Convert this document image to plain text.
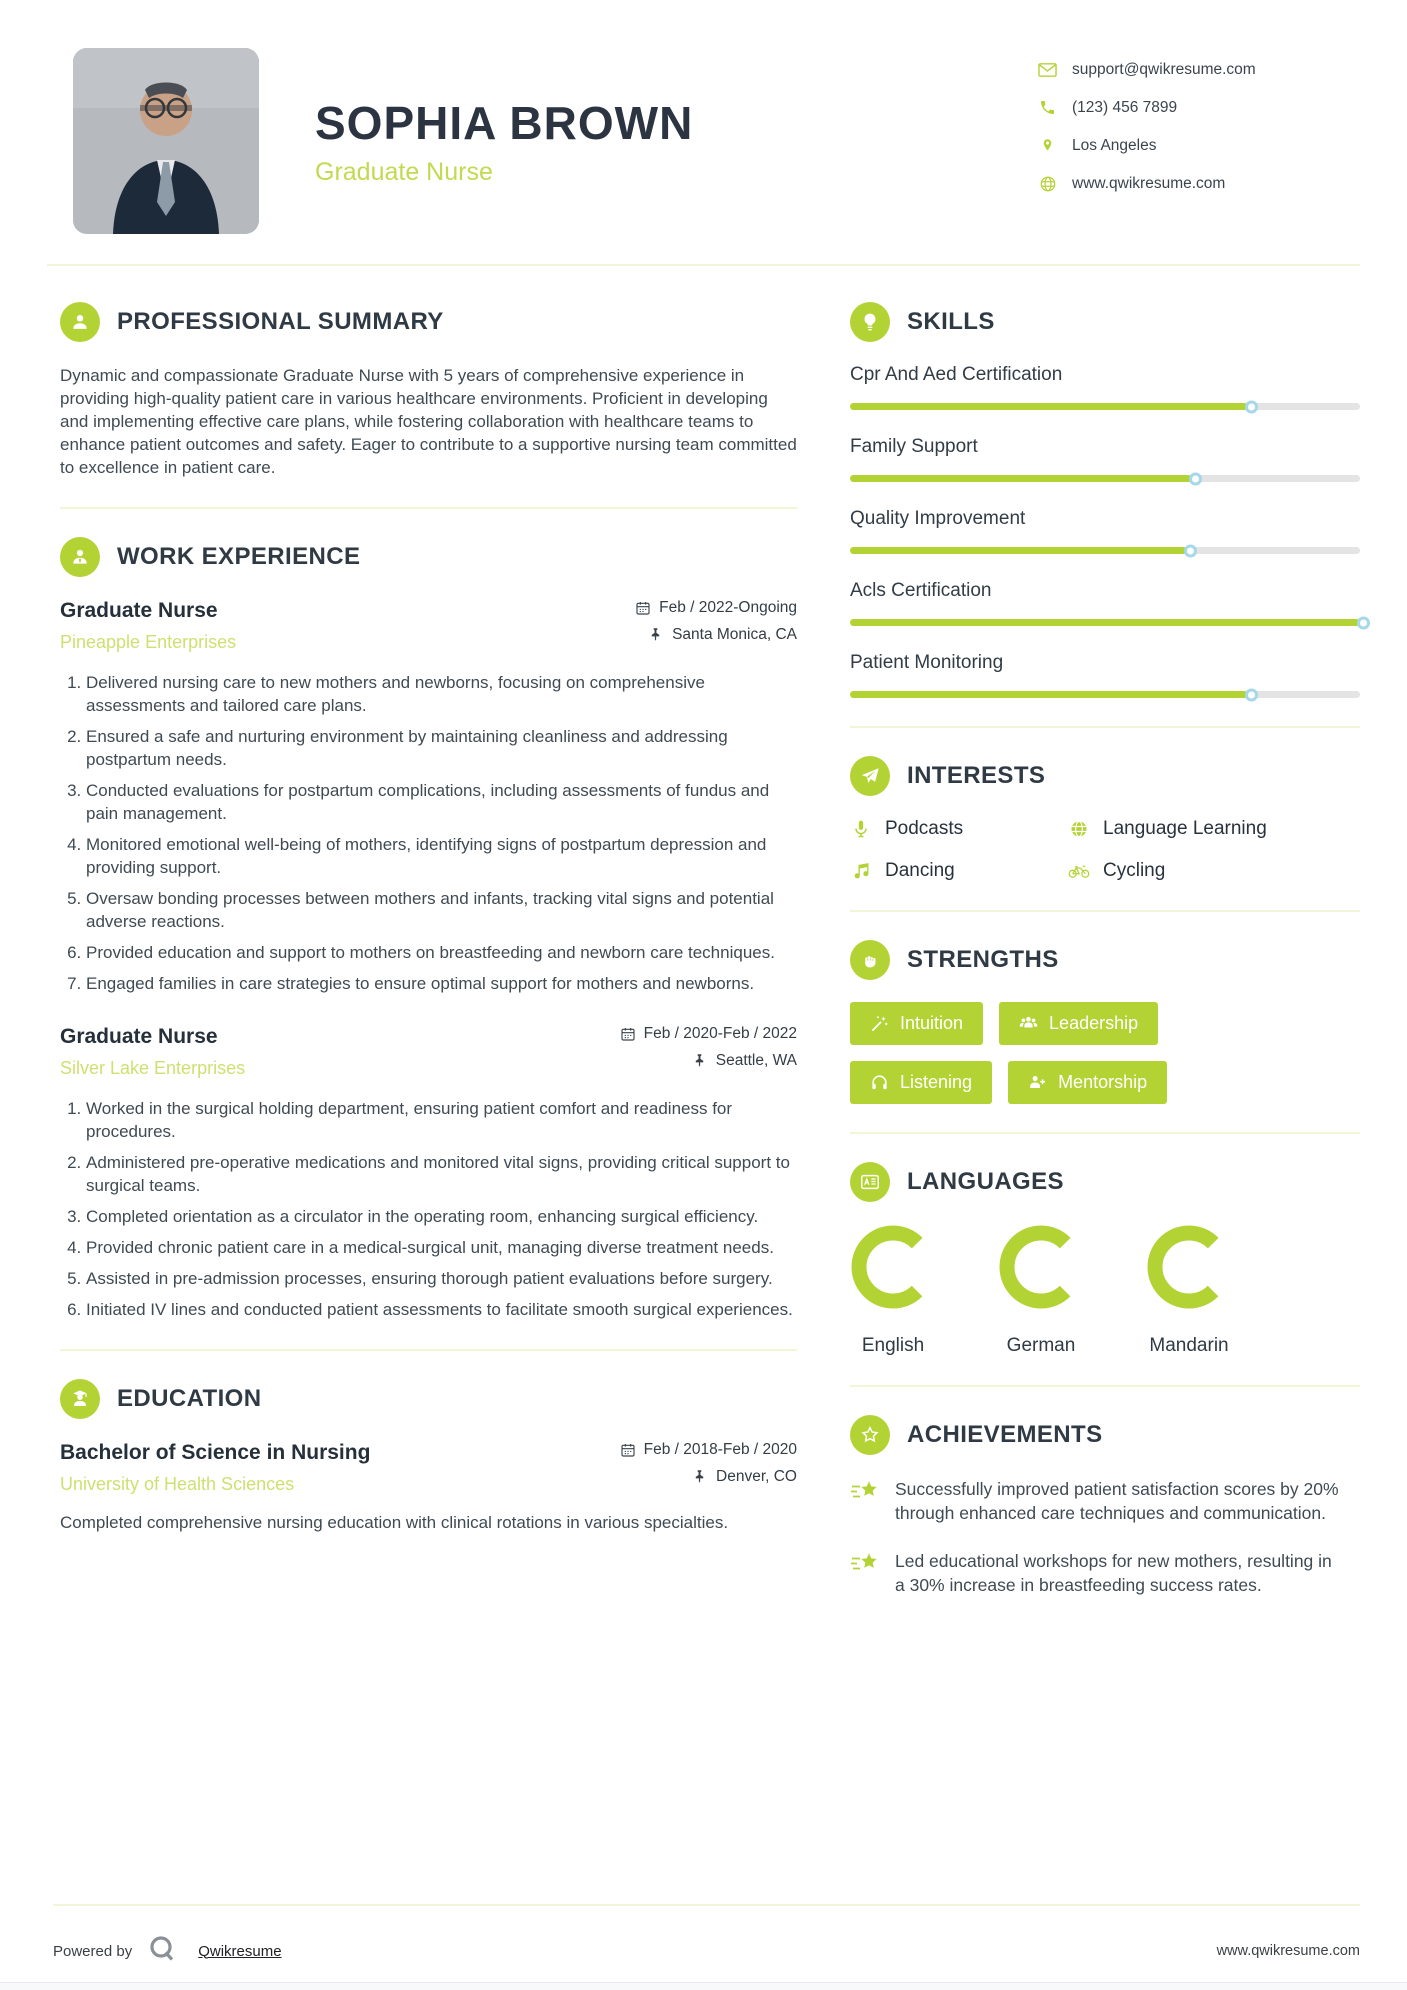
SOPHIA BROWN
Graduate Nurse
support@qwikresume.com
(123) 456 7899
Los Angeles
www.qwikresume.com
PROFESSIONAL SUMMARY

Dynamic and compassionate Graduate Nurse with 5 years of comprehensive experience in providing high-quality patient care in various healthcare environments. Proficient in developing and implementing effective care plans, while fostering collaboration with healthcare teams to enhance patient outcomes and safety. Eager to contribute to a supportive nursing team committed to excellence in patient care.

WORK EXPERIENCE
Graduate Nurse
Pineapple Enterprises
Feb / 2022-Ongoing
Santa Monica, CA
1. Delivered nursing care to new mothers and newborns, focusing on comprehensive assessments and tailored care plans.
2. Ensured a safe and nurturing environment by maintaining cleanliness and addressing postpartum needs.
3. Conducted evaluations for postpartum complications, including assessments of fundus and pain management.
4. Monitored emotional well-being of mothers, identifying signs of postpartum depression and providing support.
5. Oversaw bonding processes between mothers and infants, tracking vital signs and potential adverse reactions.
6. Provided education and support to mothers on breastfeeding and newborn care techniques.
7. Engaged families in care strategies to ensure optimal support for mothers and newborns.
Graduate Nurse
Silver Lake Enterprises
Feb / 2020-Feb / 2022
Seattle, WA
1. Worked in the surgical holding department, ensuring patient comfort and readiness for procedures.
2. Administered pre-operative medications and monitored vital signs, providing critical support to surgical teams.
3. Completed orientation as a circulator in the operating room, enhancing surgical efficiency.
4. Provided chronic patient care in a medical-surgical unit, managing diverse treatment needs.
5. Assisted in pre-admission processes, ensuring thorough patient evaluations before surgery.
6. Initiated IV lines and conducted patient assessments to facilitate smooth surgical experiences.
EDUCATION
Bachelor of Science in Nursing
University of Health Sciences
Feb / 2018-Feb / 2020
Denver, CO

Completed comprehensive nursing education with clinical rotations in various specialties.

SKILLS
Cpr And Aed Certification
Family Support
Quality Improvement
Acls Certification
Patient Monitoring
INTERESTS
Podcasts	Language Learning
Dancing	Cycling
STRENGTHS
Intuition	Leadership
Listening	Mentorship
LANGUAGES
English	German	Mandarin
ACHIEVEMENTS

Successfully improved patient satisfaction scores by 20% through enhanced care techniques and communication.

Led educational workshops for new mothers, resulting in a 30% increase in breastfeeding success rates.

Powered by	Qwikresume	www.qwikresume.com
